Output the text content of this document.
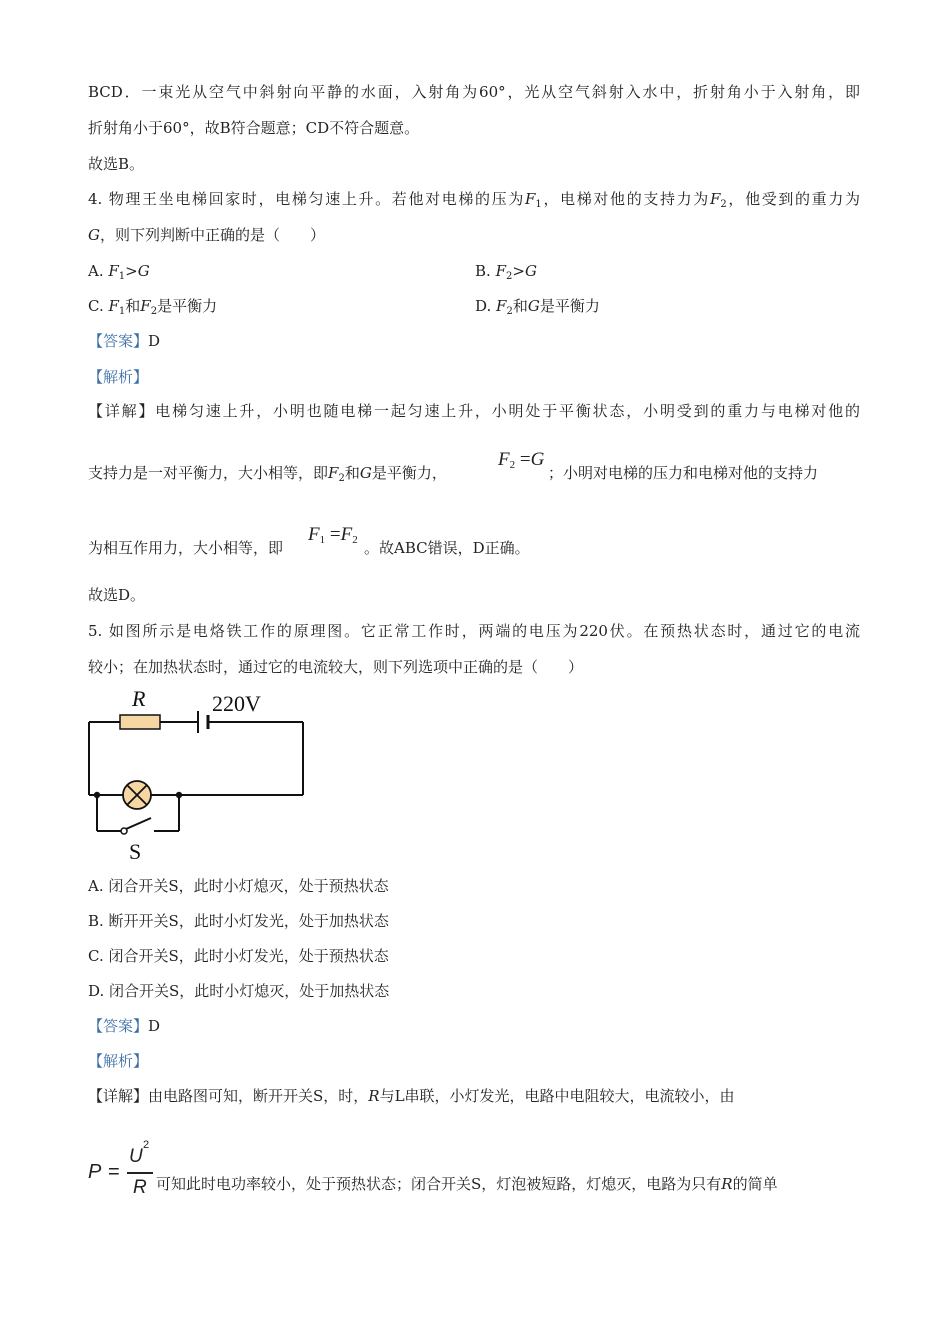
BCD．一束光从空气中斜射向平静的水面，入射角为60°，光从空气斜射入水中，折射角小于入射角，即
折射角小于60°，故B符合题意；CD不符合题意。
故选B。
4. 物理王坐电梯回家时，电梯匀速上升。若他对电梯的压为$F_1$，电梯对他的支持力为$F_2$，他受到的重力为
G，则下列判断中正确的是（　　）
A. $F_1>G$	B. $F_2>G$
C. $F_1$和$F_2$是平衡力	D. $F_2$和G是平衡力
【答案】D
【解析】
【详解】电梯匀速上升，小明也随电梯一起匀速上升，小明处于平衡状态，小明受到的重力与电梯对他的
支持力是一对平衡力，大小相等，即$F_2$和G是平衡力，
$F_2 =G$
；小明对电梯的压力和电梯对他的支持力
为相互作用力，大小相等，即
$F_1 =F_2$ 。故ABC错误，D正确。
故选D。
5. 如图所示是电烙铁工作的原理图。它正常工作时，两端的电压为220伏。在预热状态时，通过它的电流
较小；在加热状态时，通过它的电流较大，则下列选项中正确的是（　　）
R	220V
S
A. 闭合开关S，此时小灯熄灭，处于预热状态
B. 断开开关S，此时小灯发光，处于加热状态
C. 闭合开关S，此时小灯发光，处于预热状态
D. 闭合开关S，此时小灯熄灭，处于加热状态
【答案】D
【解析】
【详解】由电路图可知，断开开关S，时，R与L串联，小灯发光，电路中电阻较大，电流较小，由
P =
U
2
R 可知此时电功率较小，处于预热状态；闭合开关S，灯泡被短路，灯熄灭，电路为只有R的简单
